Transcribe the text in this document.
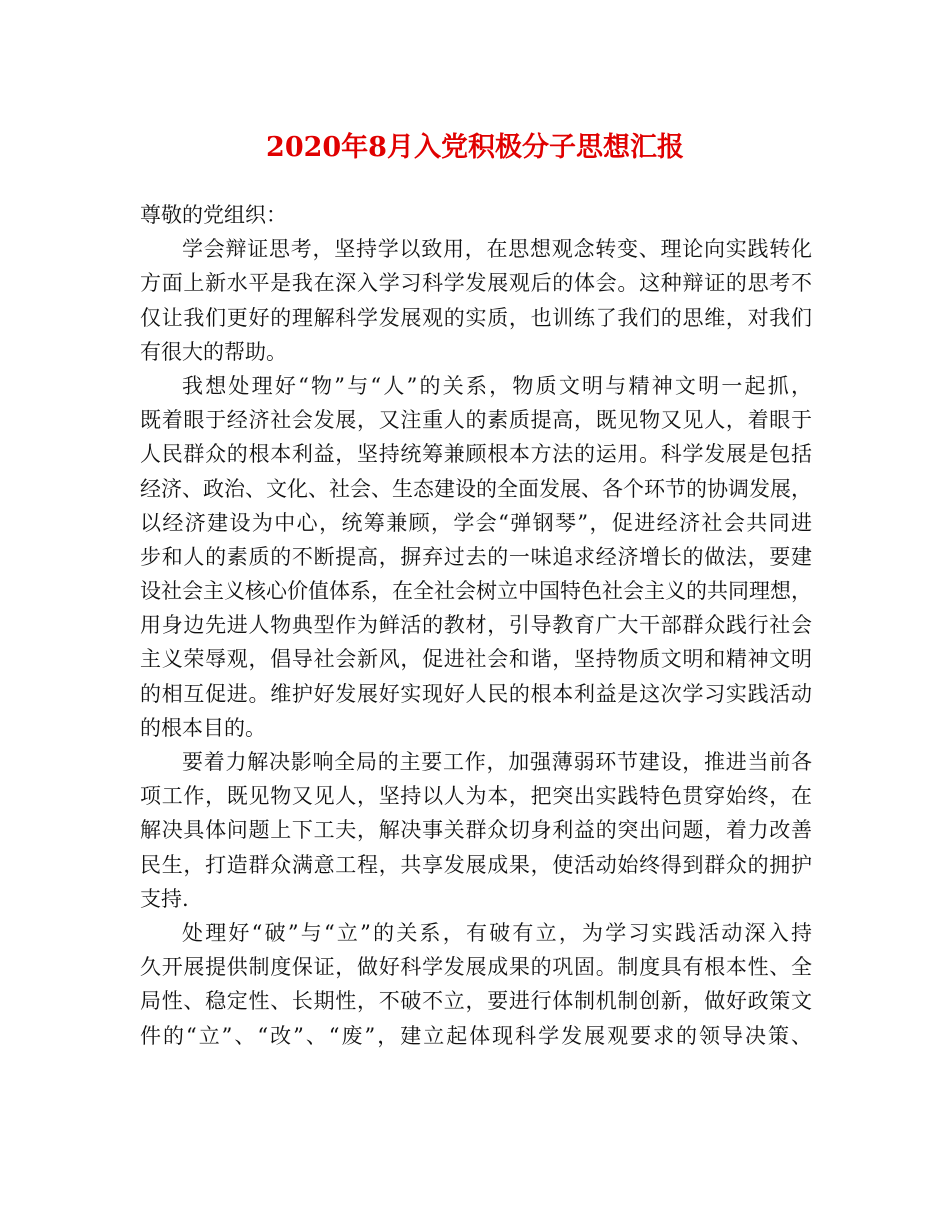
2020年8月入党积极分子思想汇报
尊敬的党组织：
学会辩证思考，坚持学以致用，在思想观念转变、理论向实践转化
方面上新水平是我在深入学习科学发展观后的体会。这种辩证的思考不
仅让我们更好的理解科学发展观的实质，也训练了我们的思维，对我们
有很大的帮助。
我想处理好“物”与“人”的关系，物质文明与精神文明一起抓，
既着眼于经济社会发展，又注重人的素质提高，既见物又见人，着眼于
人民群众的根本利益，坚持统筹兼顾根本方法的运用。科学发展是包括
经济、政治、文化、社会、生态建设的全面发展、各个环节的协调发展，
以经济建设为中心，统筹兼顾，学会“弹钢琴”，促进经济社会共同进
步和人的素质的不断提高，摒弃过去的一味追求经济增长的做法，要建
设社会主义核心价值体系，在全社会树立中国特色社会主义的共同理想，
用身边先进人物典型作为鲜活的教材，引导教育广大干部群众践行社会
主义荣辱观，倡导社会新风，促进社会和谐，坚持物质文明和精神文明
的相互促进。维护好发展好实现好人民的根本利益是这次学习实践活动
的根本目的。
要着力解决影响全局的主要工作，加强薄弱环节建设，推进当前各
项工作，既见物又见人，坚持以人为本，把突出实践特色贯穿始终，在
解决具体问题上下工夫，解决事关群众切身利益的突出问题，着力改善
民生，打造群众满意工程，共享发展成果，使活动始终得到群众的拥护
支持.
处理好“破”与“立”的关系，有破有立，为学习实践活动深入持
久开展提供制度保证，做好科学发展成果的巩固。制度具有根本性、全
局性、稳定性、长期性，不破不立，要进行体制机制创新，做好政策文
件的“立”、“改”、“废”，建立起体现科学发展观要求的领导决策、
